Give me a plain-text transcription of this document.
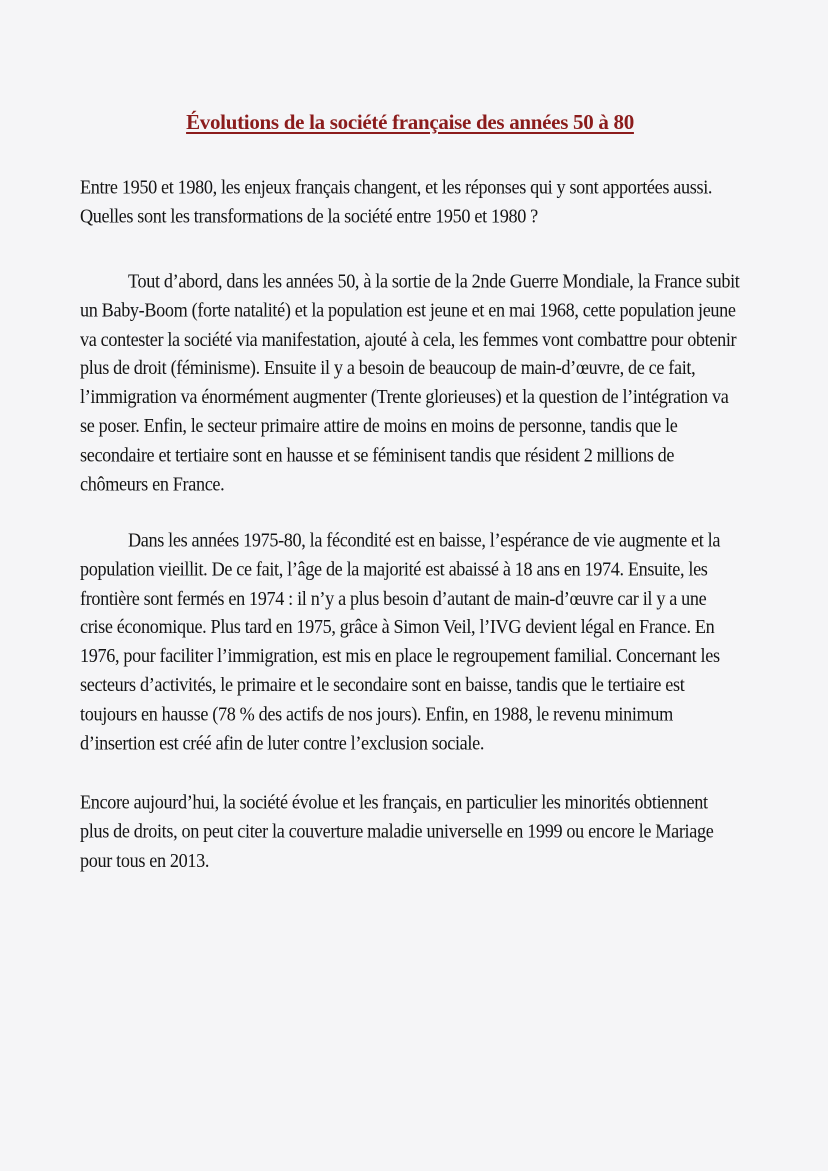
Évolutions de la société française des années 50 à 80

Entre 1950 et 1980, les enjeux français changent, et les réponses qui y sont apportées aussi. Quelles sont les transformations de la société entre 1950 et 1980 ?

Tout d’abord, dans les années 50, à la sortie de la 2nde Guerre Mondiale, la France subit un Baby-Boom (forte natalité) et la population est jeune et en mai 1968, cette population jeune va contester la société via manifestation, ajouté à cela, les femmes vont combattre pour obtenir plus de droit (féminisme). Ensuite il y a besoin de beaucoup de main-d’œuvre, de ce fait, l’immigration va énormément augmenter (Trente glorieuses) et la question de l’intégration va se poser. Enfin, le secteur primaire attire de moins en moins de personne, tandis que le secondaire et tertiaire sont en hausse et se féminisent tandis que résident 2 millions de chômeurs en France.

Dans les années 1975-80, la fécondité est en baisse, l’espérance de vie augmente et la population vieillit. De ce fait, l’âge de la majorité est abaissé à 18 ans en 1974. Ensuite, les frontière sont fermés en 1974 : il n’y a plus besoin d’autant de main-d’œuvre car il y a une crise économique. Plus tard en 1975, grâce à Simon Veil, l’IVG devient légal en France. En 1976, pour faciliter l’immigration, est mis en place le regroupement familial. Concernant les secteurs d’activités, le primaire et le secondaire sont en baisse, tandis que le tertiaire est toujours en hausse (78 % des actifs de nos jours). Enfin, en 1988, le revenu minimum d’insertion est créé afin de luter contre l’exclusion sociale.

Encore aujourd’hui, la société évolue et les français, en particulier les minorités obtiennent plus de droits, on peut citer la couverture maladie universelle en 1999 ou encore le Mariage pour tous en 2013.
